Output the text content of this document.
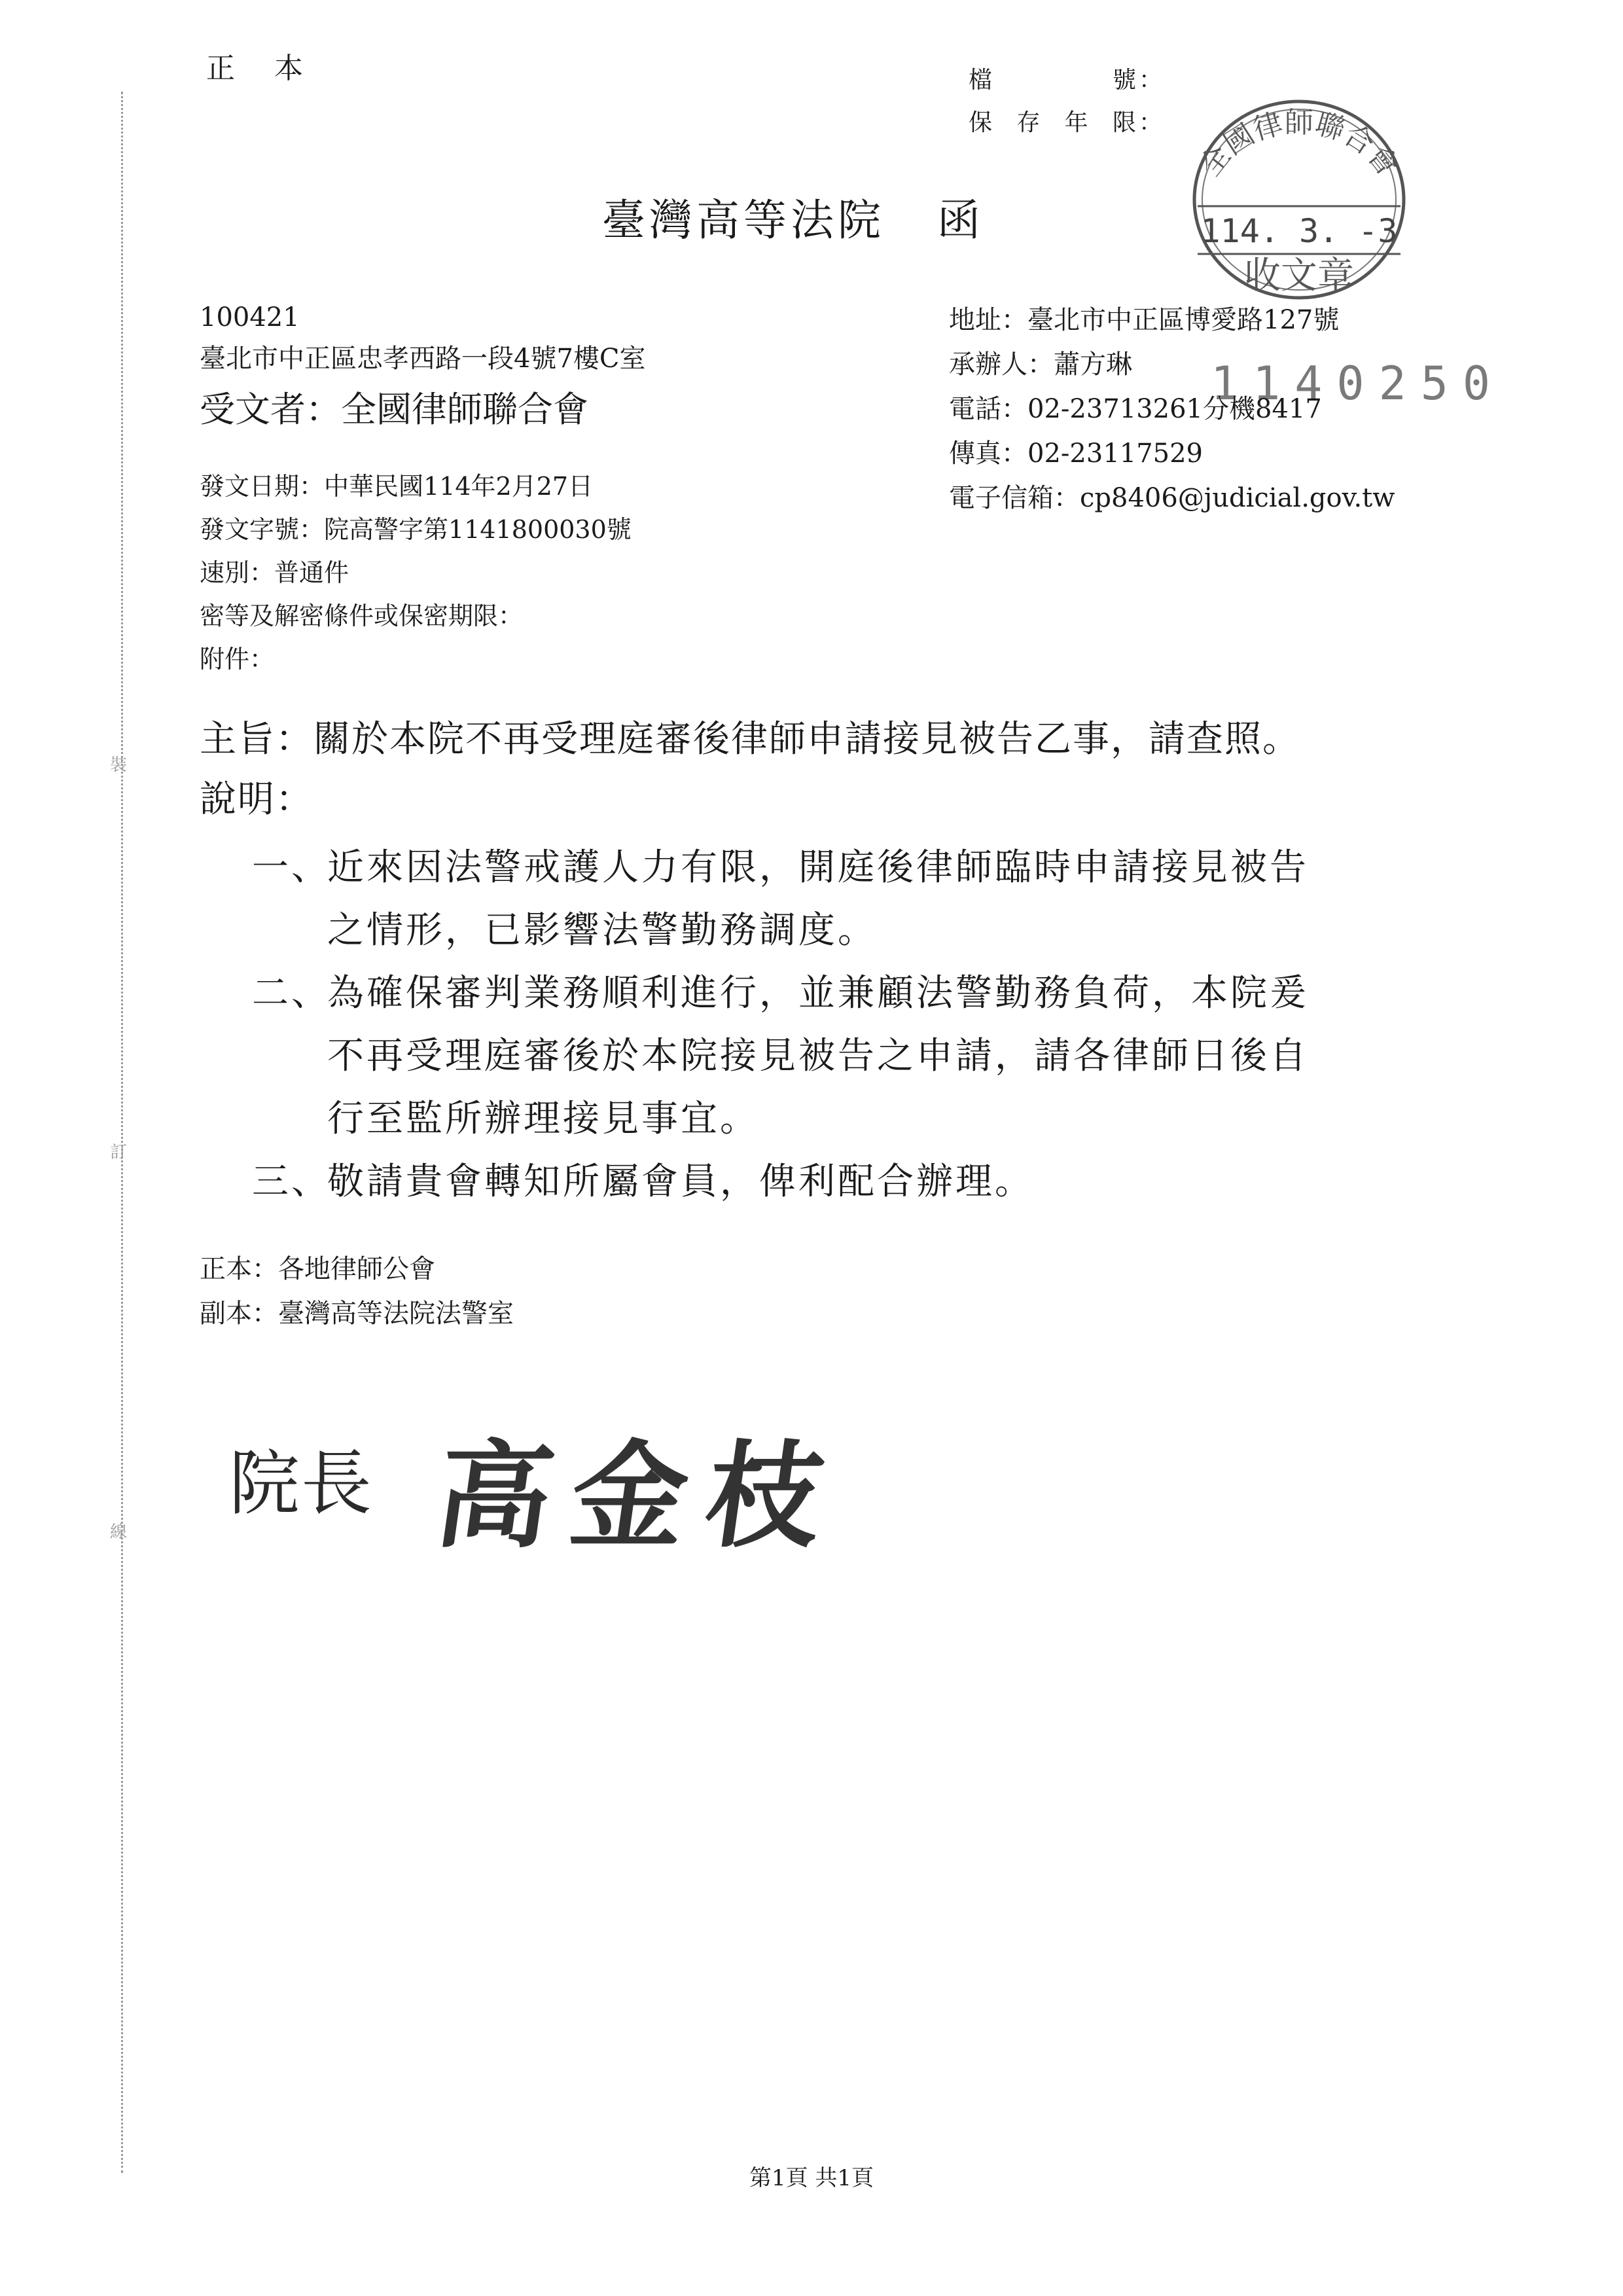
正本	檔號 ：
保存年限 ：
臺灣高等法院 函
全國律師聯合會
114. 3. -3
收文章
1140250
100421
臺北市中正區忠孝西路一段4號7樓C室
受文者：全國律師聯合會
地址：臺北市中正區博愛路127號
承辦人：蕭方琳
電話：02-23713261分機8417
傳真：02-23117529
電子信箱：cp8406@judicial.gov.tw
發文日期：中華民國114年2月27日
發文字號：院高警字第1141800030號
速別：普通件
密等及解密條件或保密期限：
附件：
裝
訂
線
主旨：關於本院不再受理庭審後律師申請接見被告乙事，請查照。
說明：
一、近來因法警戒護人力有限，開庭後律師臨時申請接見被告
之情形，已影響法警勤務調度。
二、為確保審判業務順利進行，並兼顧法警勤務負荷，本院爰
不再受理庭審後於本院接見被告之申請，請各律師日後自
行至監所辦理接見事宜。
三、敬請貴會轉知所屬會員，俾利配合辦理。
正本：各地律師公會
副本：臺灣高等法院法警室
院長 高金枝
第1頁 共1頁
